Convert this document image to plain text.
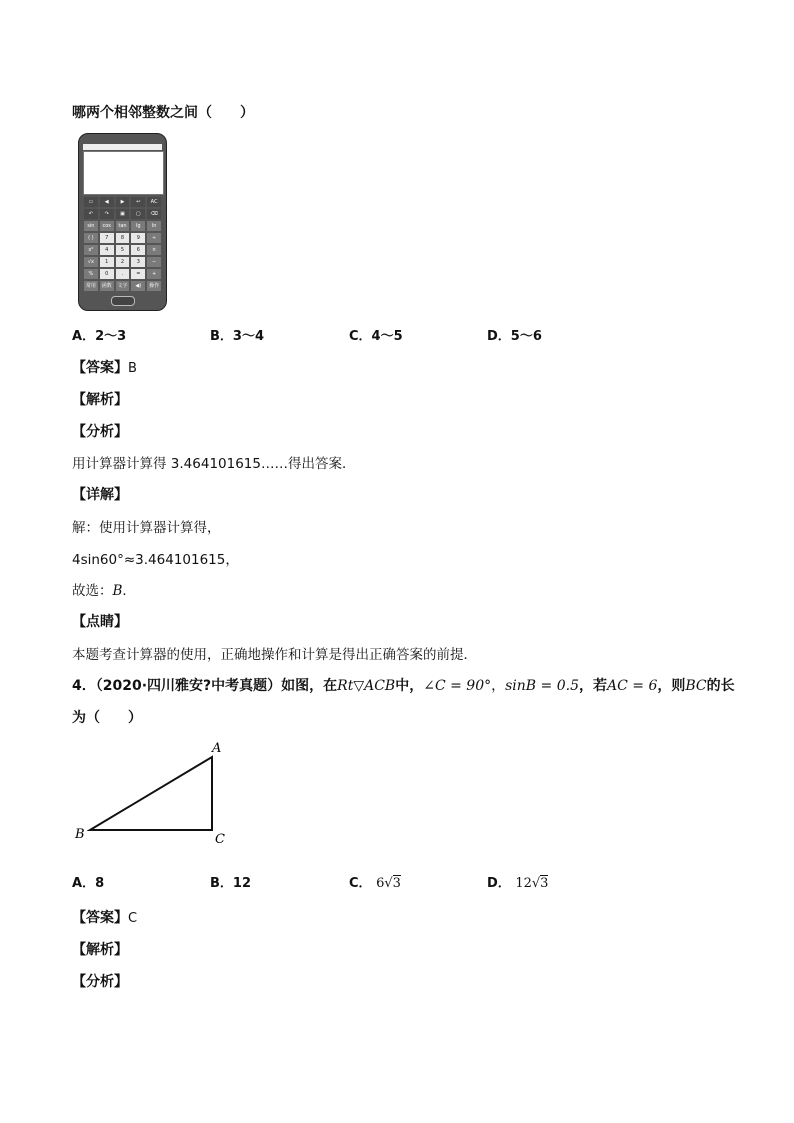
哪两个相邻整数之间（　　）
▭	◀	▶	↩	AC
↶	↷	▣	▢	⌫
sin	cos	tan	lg	ln
( )	7	8	9	÷
x²	4	5	6	×
√x	1	2	3	−
%	0	.	=	+
常用	函数	文字	◀)	操作
A．2～3	B．3～4	C．4～5	D．5～6
【答案】B
【解析】
【分析】
用计算器计算得 3.464101615……得出答案．
【详解】
解：使用计算器计算得，
4sin60°≈3.464101615，
故选：B．
【点睛】
本题考查计算器的使用，正确地操作和计算是得出正确答案的前提．
4．（2020·四川雅安?中考真题）如图，在Rt▽ACB中，∠C = 90°，sinB = 0.5，若AC = 6，则BC的长
为（　　）
A
B	C
A．8	B．12	C． 6√3	D． 12√3
【答案】C
【解析】
【分析】
